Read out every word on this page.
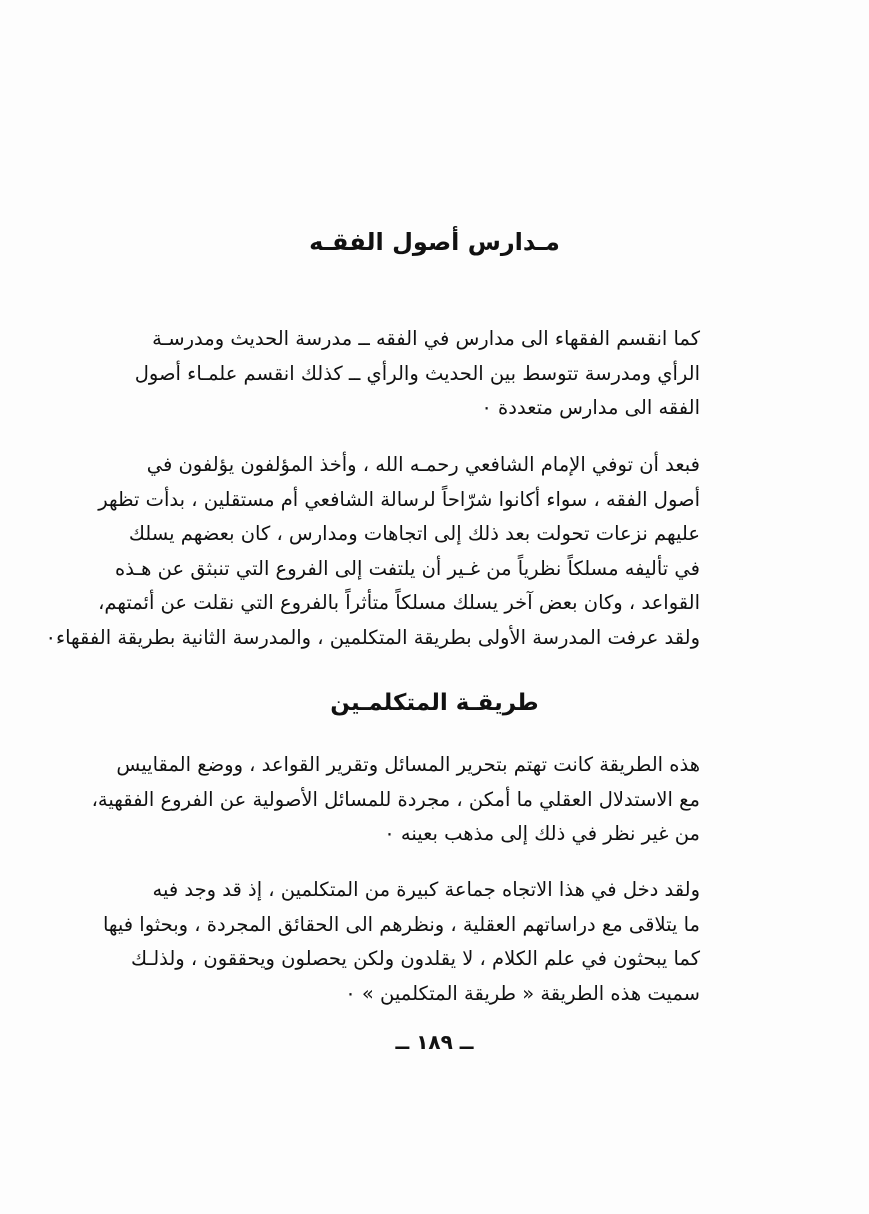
مـدارس أصول الفقـه
كما انقسم الفقهاء الى مدارس في الفقه ــ مدرسة الحديث ومدرسـة
الرأي ومدرسة تتوسط بين الحديث والرأي ــ كذلك انقسم علمـاء أصول
الفقه الى مدارس متعددة ٠
فبعد أن توفي الإمام الشافعي رحمـه الله ، وأخذ المؤلفون يؤلفون في
أصول الفقه ، سواء أكانوا شرّاحاً لرسالة الشافعي أم مستقلين ، بدأت تظهر
عليهم نزعات تحولت بعد ذلك إلى اتجاهات ومدارس ، كان بعضهم يسلك
في تأليفه مسلكاً نظرياً من غـير أن يلتفت إلى الفروع التي تنبثق عن هـذه
القواعد ، وكان بعض آخر يسلك مسلكاً متأثراً بالفروع التي نقلت عن أئمتهم،
ولقد عرفت المدرسة الأولى بطريقة المتكلمين ، والمدرسة الثانية بطريقة الفقهاء٠
طريقـة المتكلمـين
هذه الطريقة كانت تهتم بتحرير المسائل وتقرير القواعد ، ووضع المقاييس
مع الاستدلال العقلي ما أمكن ، مجردة للمسائل الأصولية عن الفروع الفقهية،
من غير نظر في ذلك إلى مذهب بعينه ٠
ولقد دخل في هذا الاتجاه جماعة كبيرة من المتكلمين ، إذ قد وجد فيه
ما يتلاقى مع دراساتهم العقلية ، ونظرهم الى الحقائق المجردة ، وبحثوا فيها
كما يبحثون في علم الكلام ، لا يقلدون ولكن يحصلون ويحققون ، ولذلـك
سميت هذه الطريقة « طريقة المتكلمين » ٠
ــ ١٨٩ ــ
